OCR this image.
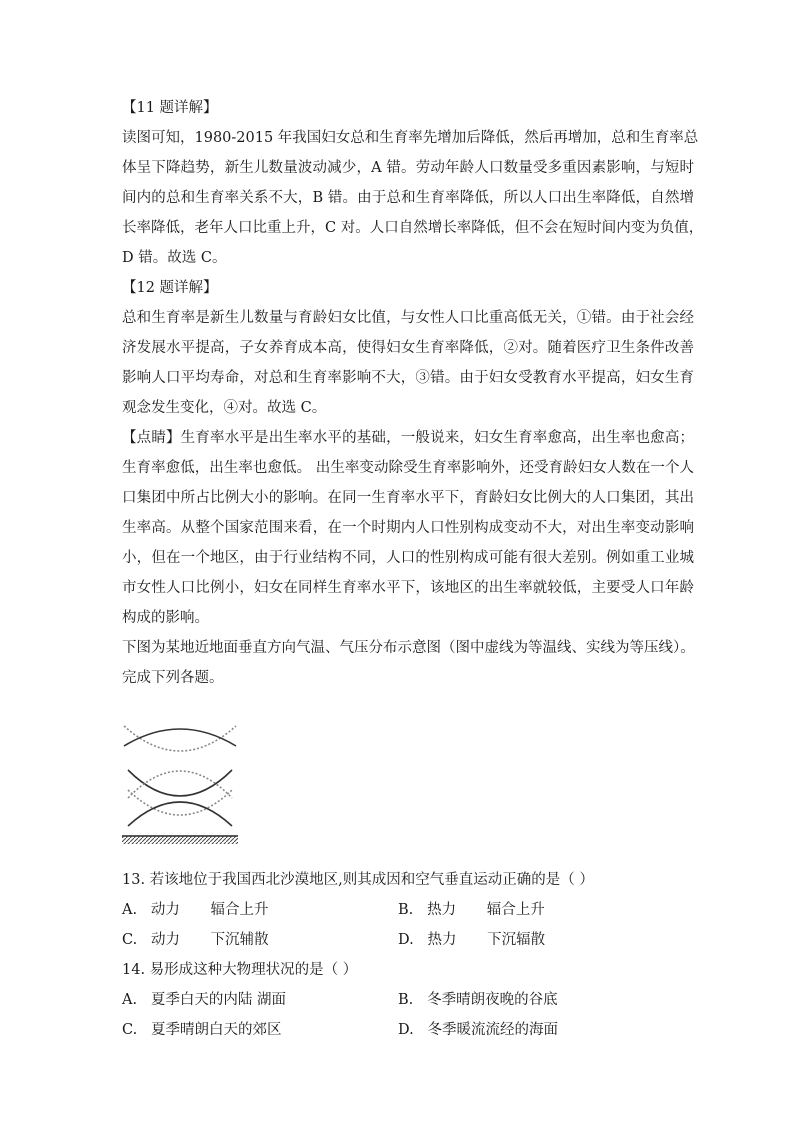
【11 题详解】
读图可知，1980-2015 年我国妇女总和生育率先增加后降低，然后再增加，总和生育率总
体呈下降趋势，新生儿数量波动减少，A 错。劳动年龄人口数量受多重因素影响，与短时
间内的总和生育率关系不大，B 错。由于总和生育率降低，所以人口出生率降低，自然增
长率降低，老年人口比重上升，C 对。人口自然增长率降低，但不会在短时间内变为负值，
D 错。故选 C。
【12 题详解】
总和生育率是新生儿数量与育龄妇女比值，与女性人口比重高低无关，①错。由于社会经
济发展水平提高，子女养育成本高，使得妇女生育率降低，②对。随着医疗卫生条件改善
影响人口平均寿命，对总和生育率影响不大，③错。由于妇女受教育水平提高，妇女生育
观念发生变化，④对。故选 C。
【点睛】生育率水平是出生率水平的基础，一般说来，妇女生育率愈高，出生率也愈高；
生育率愈低，出生率也愈低。 出生率变动除受生育率影响外，还受育龄妇女人数在一个人
口集团中所占比例大小的影响。在同一生育率水平下，育龄妇女比例大的人口集团，其出
生率高。从整个国家范围来看，在一个时期内人口性别构成变动不大，对出生率变动影响
小，但在一个地区，由于行业结构不同，人口的性别构成可能有很大差别。例如重工业城
市女性人口比例小，妇女在同样生育率水平下，该地区的出生率就较低，主要受人口年龄
构成的影响。
下图为某地近地面垂直方向气温、气压分布示意图（图中虚线为等温线、实线为等压线）。
完成下列各题。
13. 若该地位于我国西北沙漠地区,则其成因和空气垂直运动正确的是（ ）
A. 动力 辐合上升	B. 热力 辐合上升
C. 动力 下沉辅散	D. 热力 下沉辐散
14. 易形成这种大物理状况的是（ ）
A. 夏季白天的内陆 湖面	B. 冬季晴朗夜晚的谷底
C. 夏季晴朗白天的郊区	D. 冬季暖流流经的海面
